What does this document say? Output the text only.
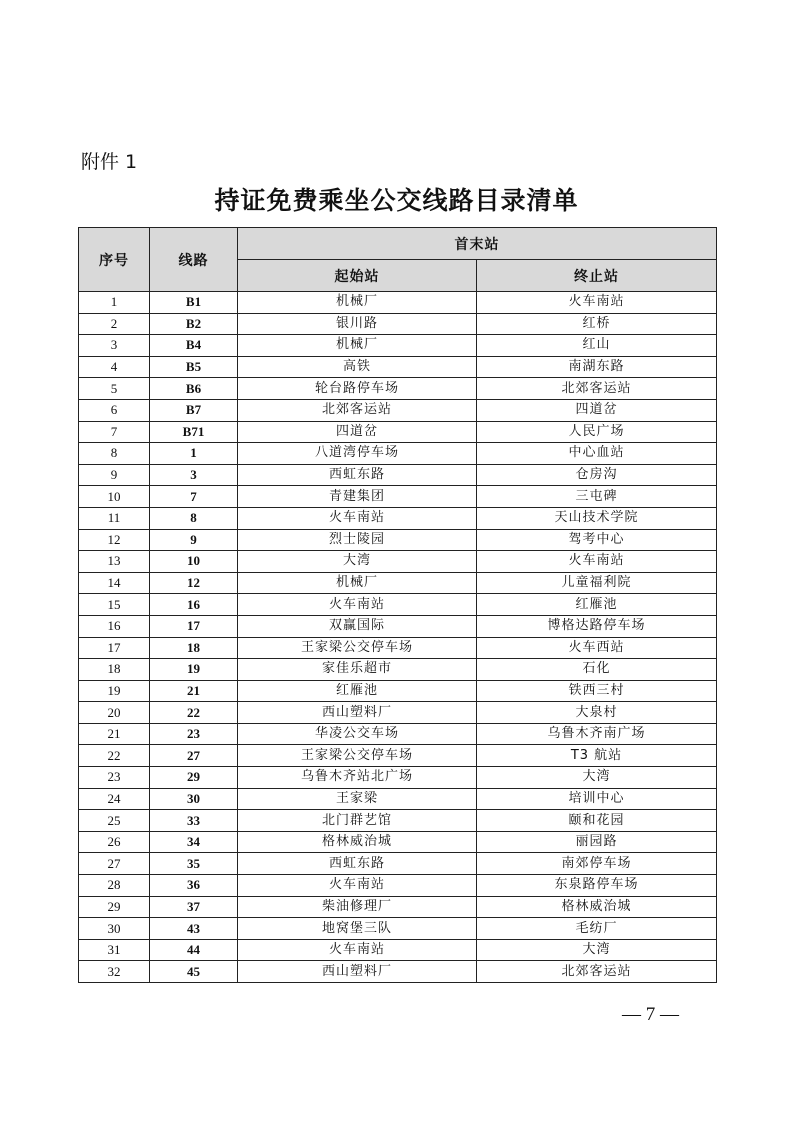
附件 1
持证免费乘坐公交线路目录清单
序号	线路	首末站	
		起始站	终止站
1	B1	机械厂	火车南站
2	B2	银川路	红桥
3	B4	机械厂	红山
4	B5	高铁	南湖东路
5	B6	轮台路停车场	北郊客运站
6	B7	北郊客运站	四道岔
7	B71	四道岔	人民广场
8	1	八道湾停车场	中心血站
9	3	西虹东路	仓房沟
10	7	青建集团	三屯碑
11	8	火车南站	天山技术学院
12	9	烈士陵园	驾考中心
13	10	大湾	火车南站
14	12	机械厂	儿童福利院
15	16	火车南站	红雁池
16	17	双赢国际	博格达路停车场
17	18	王家梁公交停车场	火车西站
18	19	家佳乐超市	石化
19	21	红雁池	铁西三村
20	22	西山塑料厂	大泉村
21	23	华凌公交车场	乌鲁木齐南广场
22	27	王家梁公交停车场	T3 航站
23	29	乌鲁木齐站北广场	大湾
24	30	王家梁	培训中心
25	33	北门群艺馆	颐和花园
26	34	格林威治城	丽园路
27	35	西虹东路	南郊停车场
28	36	火车南站	东泉路停车场
29	37	柴油修理厂	格林威治城
30	43	地窝堡三队	毛纺厂
31	44	火车南站	大湾
32	45	西山塑料厂	北郊客运站
— 7 —
